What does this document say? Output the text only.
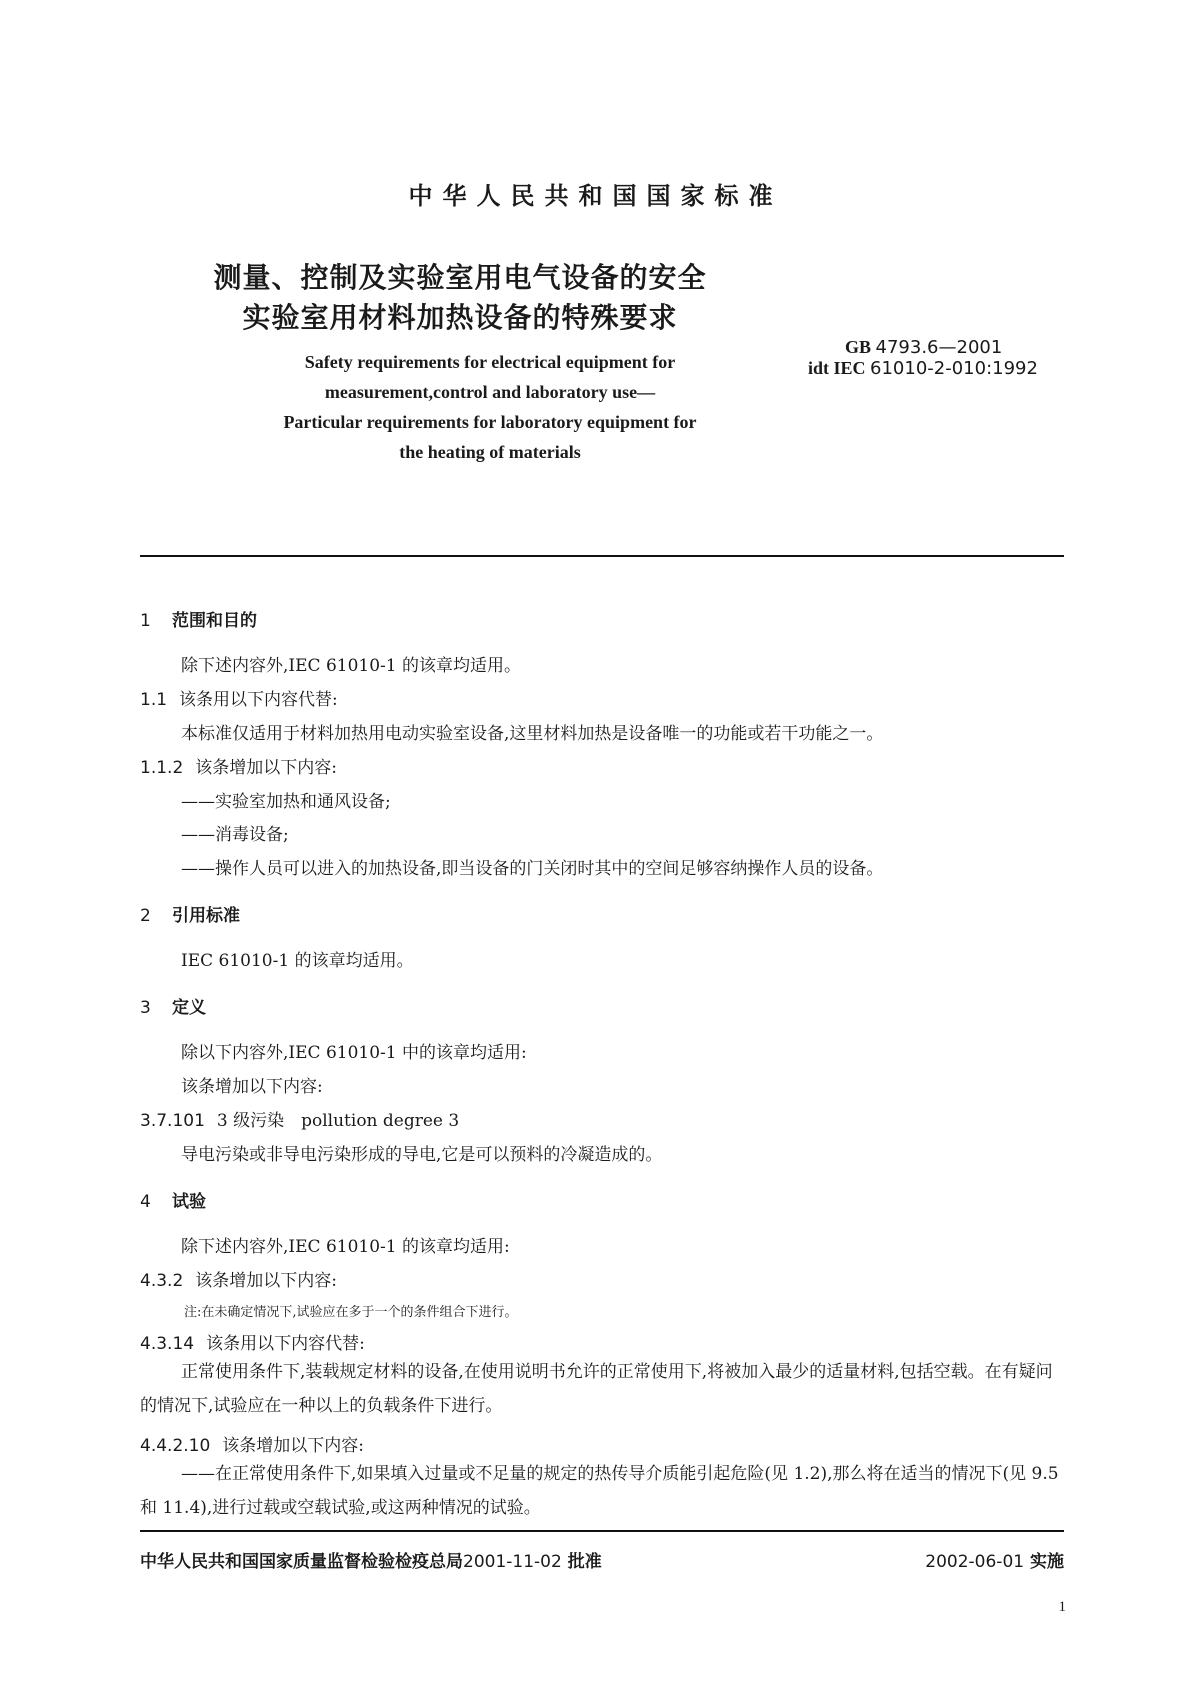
中华人民共和国国家标准
测量、控制及实验室用电气设备的安全
实验室用材料加热设备的特殊要求
Safety requirements for electrical equipment for
measurement,control and laboratory use—
Particular requirements for laboratory equipment for
the heating of materials
GB 4793.6—2001
idt IEC 61010-2-010:1992
1 范围和目的
除下述内容外,IEC 61010-1 的该章均适用。
1.1 该条用以下内容代替:
本标准仅适用于材料加热用电动实验室设备,这里材料加热是设备唯一的功能或若干功能之一。
1.1.2 该条增加以下内容:
——实验室加热和通风设备;
——消毒设备;
——操作人员可以进入的加热设备,即当设备的门关闭时其中的空间足够容纳操作人员的设备。
2 引用标准
IEC 61010-1 的该章均适用。
3 定义
除以下内容外,IEC 61010-1 中的该章均适用:
该条增加以下内容:
3.7.101 3 级污染　pollution degree 3
导电污染或非导电污染形成的导电,它是可以预料的冷凝造成的。
4 试验
除下述内容外,IEC 61010-1 的该章均适用:
4.3.2 该条增加以下内容:
注:在未确定情况下,试验应在多于一个的条件组合下进行。
4.3.14 该条用以下内容代替:
正常使用条件下,装载规定材料的设备,在使用说明书允许的正常使用下,将被加入最少的适量材料,包括空载。在有疑问的情况下,试验应在一种以上的负载条件下进行。
4.4.2.10 该条增加以下内容:
——在正常使用条件下,如果填入过量或不足量的规定的热传导介质能引起危险(见 1.2),那么将在适当的情况下(见 9.5 和 11.4),进行过载或空载试验,或这两种情况的试验。
中华人民共和国国家质量监督检验检疫总局2001-11-02 批准	2002-06-01 实施
1
